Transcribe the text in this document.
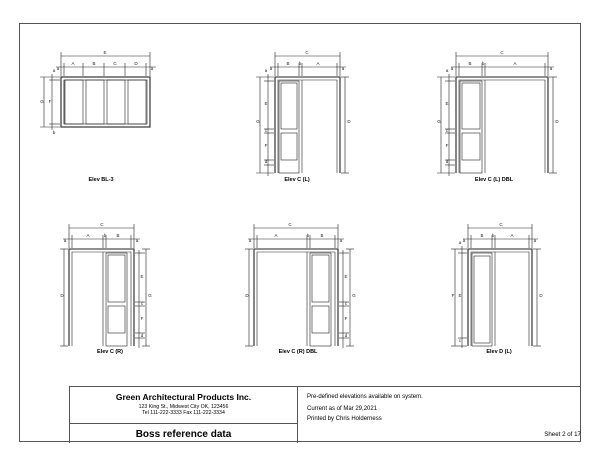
E
a
A	B	C	D
a
a
G F
b
C
a
B b	A
a
a
G
E
c
F
d
D
C
a
B b	A
a
a
G
E
c
F
d
D
C
a
A	b B
a
D
E
G
c
F
d
C
a
A	b B
a
D
E
G
c
F
d
C
a
B b	A
a
a
F E
c
D
Elev BL-3	Elev C (L)	Elev C (L) DBL
Elev C (R)	Elev C (R) DBL	Elev D (L)
Green Architectural Products Inc.
123 King St., Midwest City OK, 123456
Tel 111-222-3333 Fax 111-222-3334
Boss reference data
Pre-defined elevations available on system.
Current as of Mar 29,2021
Printed by Chris Holderness
Sheet 2 of 17
